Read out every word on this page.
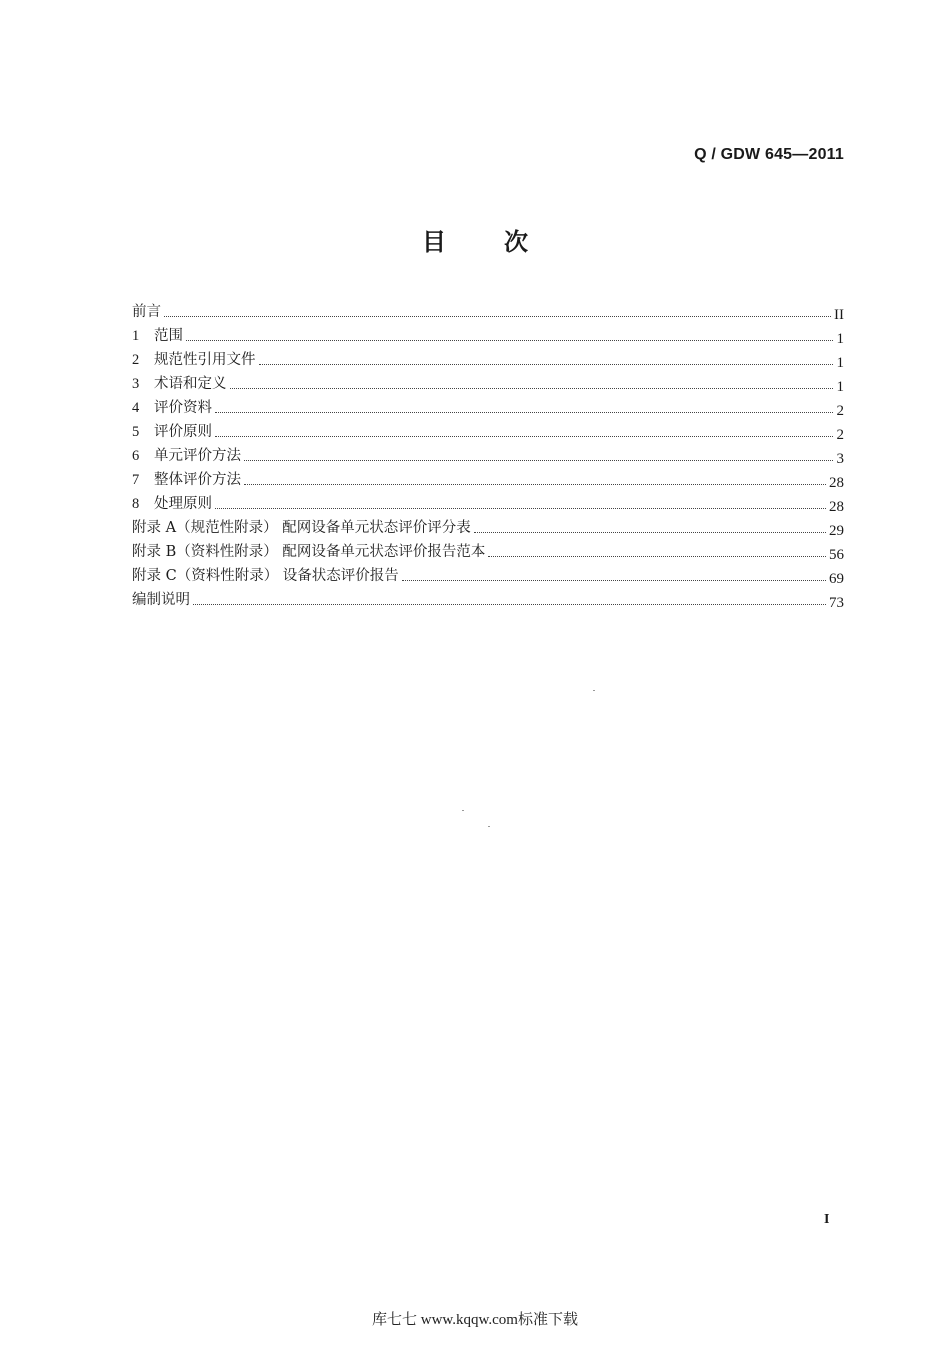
Q / GDW 645—2011
目次
前言	II
1	范围	1
2	规范性引用文件	1
3	术语和定义	1
4	评价资料	2
5	评价原则	2
6	单元评价方法	3
7	整体评价方法	28
8	处理原则	28
附录 A（规范性附录） 配网设备单元状态评价评分表	29
附录 B（资料性附录） 配网设备单元状态评价报告范本	56
附录 C（资料性附录） 设备状态评价报告	69
编制说明	73
I
库七七 www.kqqw.com标准下载
